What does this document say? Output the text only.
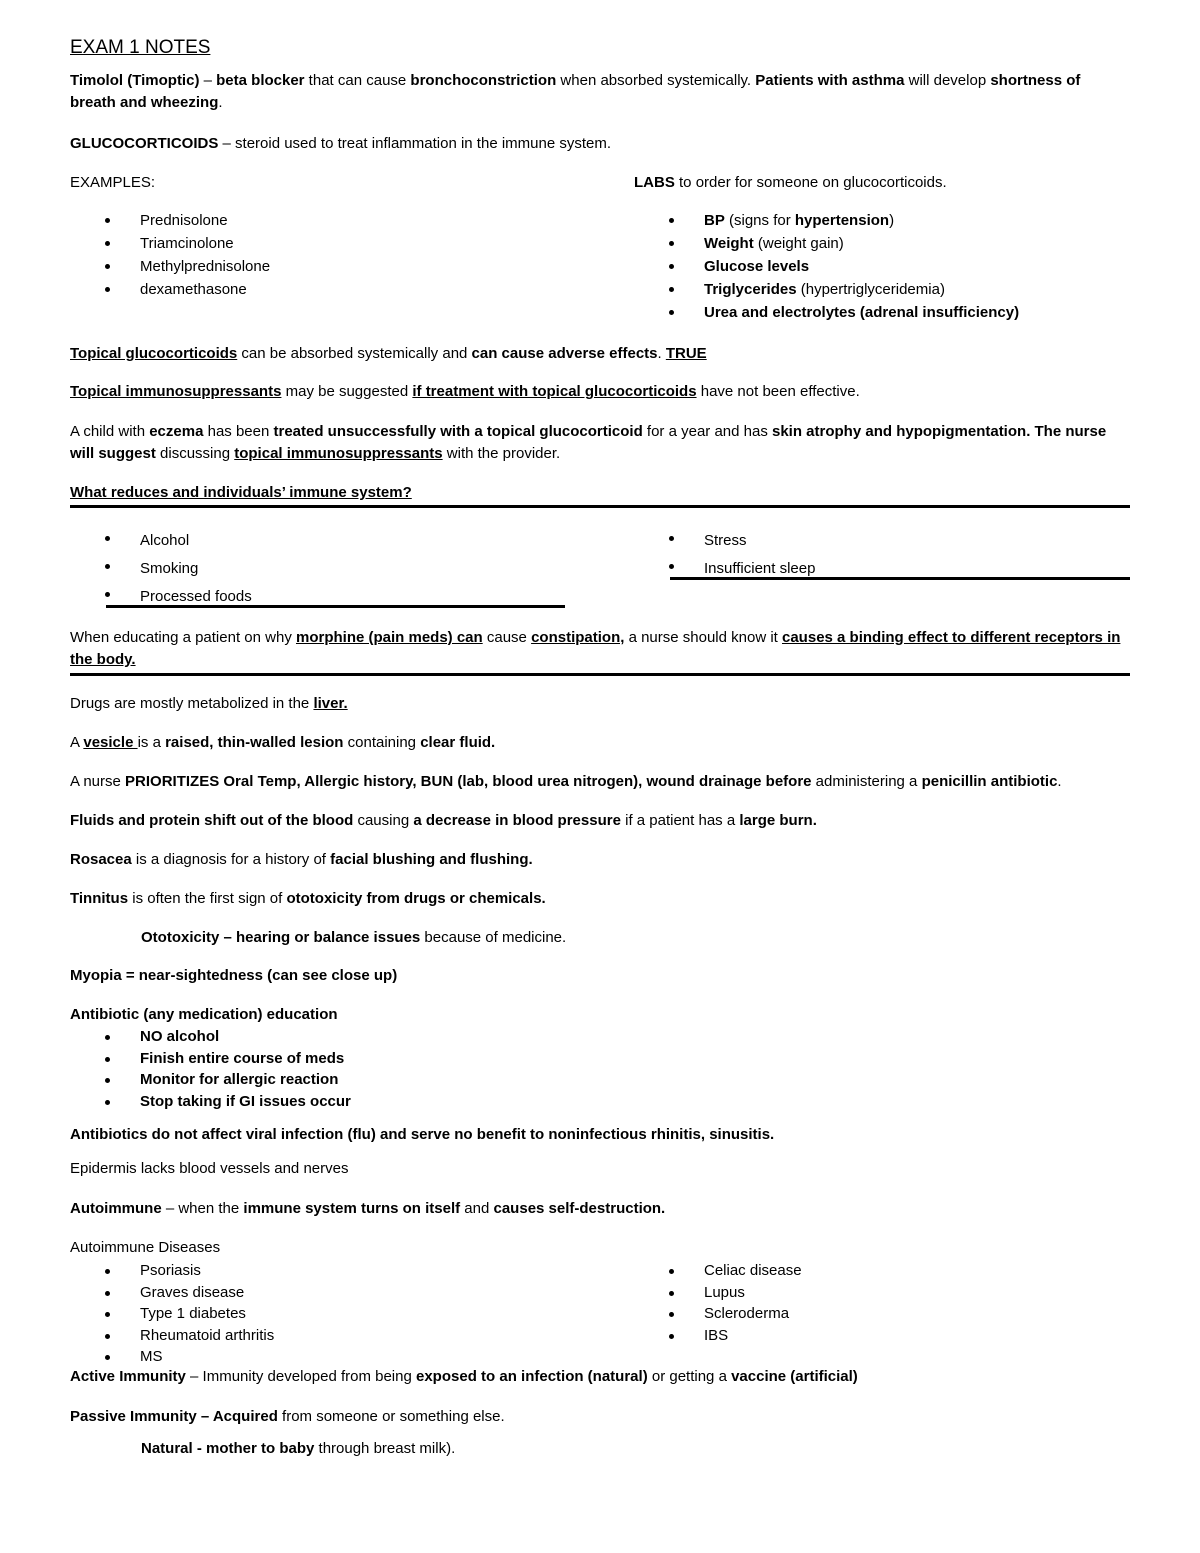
EXAM 1 NOTES
Timolol (Timoptic) – beta blocker that can cause bronchoconstriction when absorbed systemically. Patients with asthma will develop shortness of breath and wheezing.
GLUCOCORTICOIDS – steroid used to treat inflammation in the immune system.
EXAMPLES:	LABS to order for someone on glucocorticoids.
Prednisolone
Triamcinolone
Methylprednisolone
dexamethasone
BP (signs for hypertension)
Weight (weight gain)
Glucose levels
Triglycerides (hypertriglyceridemia)
Urea and electrolytes (adrenal insufficiency)
Topical glucocorticoids can be absorbed systemically and can cause adverse effects. TRUE
Topical immunosuppressants may be suggested if treatment with topical glucocorticoids have not been effective.
A child with eczema has been treated unsuccessfully with a topical glucocorticoid for a year and has skin atrophy and hypopigmentation. The nurse will suggest discussing topical immunosuppressants with the provider.
What reduces and individuals’ immune system?
Alcohol
Smoking
Processed foods
Stress
Insufficient sleep
When educating a patient on why morphine (pain meds) can cause constipation, a nurse should know it causes a binding effect to different receptors in the body.
Drugs are mostly metabolized in the liver.
A vesicle is a raised, thin-walled lesion containing clear fluid.
A nurse PRIORITIZES Oral Temp, Allergic history, BUN (lab, blood urea nitrogen), wound drainage before administering a penicillin antibiotic.
Fluids and protein shift out of the blood causing a decrease in blood pressure if a patient has a large burn.
Rosacea is a diagnosis for a history of facial blushing and flushing.
Tinnitus is often the first sign of ototoxicity from drugs or chemicals.
Ototoxicity – hearing or balance issues because of medicine.
Myopia = near-sightedness (can see close up)
Antibiotic (any medication) education
NO alcohol
Finish entire course of meds
Monitor for allergic reaction
Stop taking if GI issues occur
Antibiotics do not affect viral infection (flu) and serve no benefit to noninfectious rhinitis, sinusitis.
Epidermis lacks blood vessels and nerves
Autoimmune – when the immune system turns on itself and causes self-destruction.
Autoimmune Diseases
Psoriasis
Graves disease
Type 1 diabetes
Rheumatoid arthritis
MS
Celiac disease
Lupus
Scleroderma
IBS
Active Immunity – Immunity developed from being exposed to an infection (natural) or getting a vaccine (artificial)
Passive Immunity – Acquired from someone or something else.
Natural - mother to baby through breast milk).
